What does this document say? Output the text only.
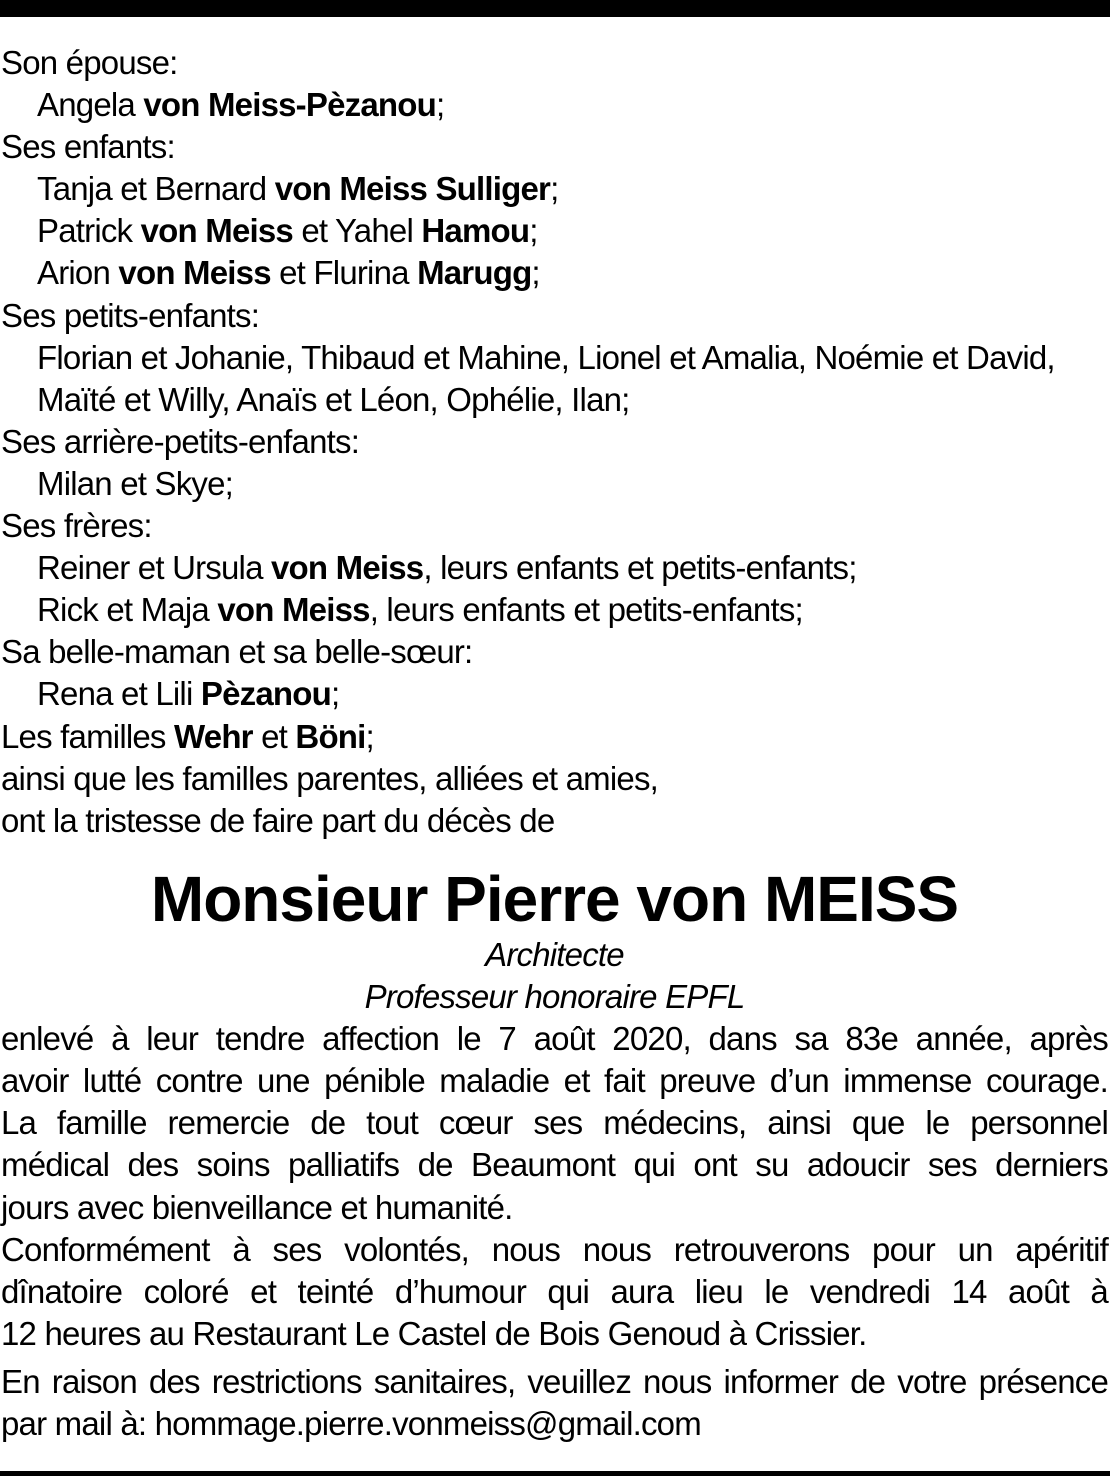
Son épouse:
Angela von Meiss-Pèzanou;
Ses enfants:
Tanja et Bernard von Meiss Sulliger;
Patrick von Meiss et Yahel Hamou;
Arion von Meiss et Flurina Marugg;
Ses petits-enfants:
Florian et Johanie, Thibaud et Mahine, Lionel et Amalia, Noémie et David,
Maïté et Willy, Anaïs et Léon, Ophélie, Ilan;
Ses arrière-petits-enfants:
Milan et Skye;
Ses frères:
Reiner et Ursula von Meiss, leurs enfants et petits-enfants;
Rick et Maja von Meiss, leurs enfants et petits-enfants;
Sa belle-maman et sa belle-sœur:
Rena et Lili Pèzanou;
Les familles Wehr et Böni;
ainsi que les familles parentes, alliées et amies,
ont la tristesse de faire part du décès de
Monsieur Pierre von MEISS
Architecte
Professeur honoraire EPFL
enlevé à leur tendre affection le 7 août 2020, dans sa 83e année, après
avoir lutté contre une pénible maladie et fait preuve d’un immense courage.
La famille remercie de tout cœur ses médecins, ainsi que le personnel
médical des soins palliatifs de Beaumont qui ont su adoucir ses derniers
jours avec bienveillance et humanité.
Conformément à ses volontés, nous nous retrouverons pour un apéritif
dînatoire coloré et teinté d’humour qui aura lieu le vendredi 14 août à
12 heures au Restaurant Le Castel de Bois Genoud à Crissier.
En raison des restrictions sanitaires, veuillez nous informer de votre présence
par mail à: hommage.pierre.vonmeiss@gmail.com
